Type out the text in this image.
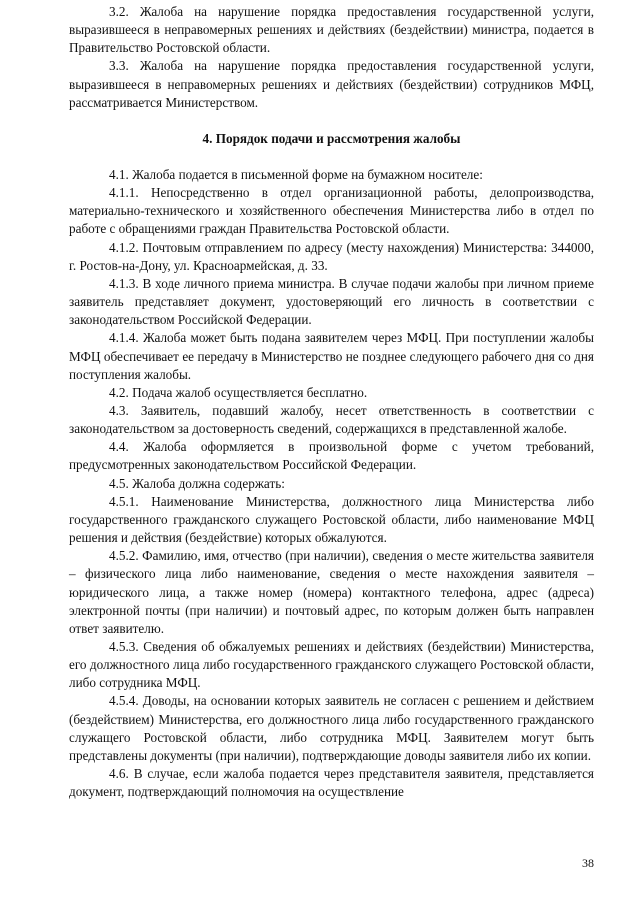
3.2. Жалоба на нарушение порядка предоставления государственной услуги, выразившееся в неправомерных решениях и действиях (бездействии) министра, подается в Правительство Ростовской области.

3.3. Жалоба на нарушение порядка предоставления государственной услуги, выразившееся в неправомерных решениях и действиях (бездействии) сотрудников МФЦ, рассматривается Министерством.

4. Порядок подачи и рассмотрения жалобы

4.1. Жалоба подается в письменной форме на бумажном носителе:

4.1.1. Непосредственно в отдел организационной работы, делопроизводства, материально-технического и хозяйственного обеспечения Министерства либо в отдел по работе с обращениями граждан Правительства Ростовской области.

4.1.2. Почтовым отправлением по адресу (месту нахождения) Министерства: 344000, г. Ростов-на-Дону, ул. Красноармейская, д. 33.

4.1.3. В ходе личного приема министра. В случае подачи жалобы при личном приеме заявитель представляет документ, удостоверяющий его личность в соответствии с законодательством Российской Федерации.

4.1.4. Жалоба может быть подана заявителем через МФЦ. При поступлении жалобы МФЦ обеспечивает ее передачу в Министерство не позднее следующего рабочего дня со дня поступления жалобы.

4.2. Подача жалоб осуществляется бесплатно.

4.3. Заявитель, подавший жалобу, несет ответственность в соответствии с законодательством за достоверность сведений, содержащихся в представленной жалобе.

4.4. Жалоба оформляется в произвольной форме с учетом требований, предусмотренных законодательством Российской Федерации.

4.5. Жалоба должна содержать:

4.5.1. Наименование Министерства, должностного лица Министерства либо государственного гражданского служащего Ростовской области, либо наименование МФЦ решения и действия (бездействие) которых обжалуются.

4.5.2. Фамилию, имя, отчество (при наличии), сведения о месте жительства заявителя – физического лица либо наименование, сведения о месте нахождения заявителя – юридического лица, а также номер (номера) контактного телефона, адрес (адреса) электронной почты (при наличии) и почтовый адрес, по которым должен быть направлен ответ заявителю.

4.5.3. Сведения об обжалуемых решениях и действиях (бездействии) Министерства, его должностного лица либо государственного гражданского служащего Ростовской области, либо сотрудника МФЦ.

4.5.4. Доводы, на основании которых заявитель не согласен с решением и действием (бездействием) Министерства, его должностного лица либо государственного гражданского служащего Ростовской области, либо сотрудника МФЦ. Заявителем могут быть представлены документы (при наличии), подтверждающие доводы заявителя либо их копии.

4.6. В случае, если жалоба подается через представителя заявителя, представляется документ, подтверждающий полномочия на осуществление

38
